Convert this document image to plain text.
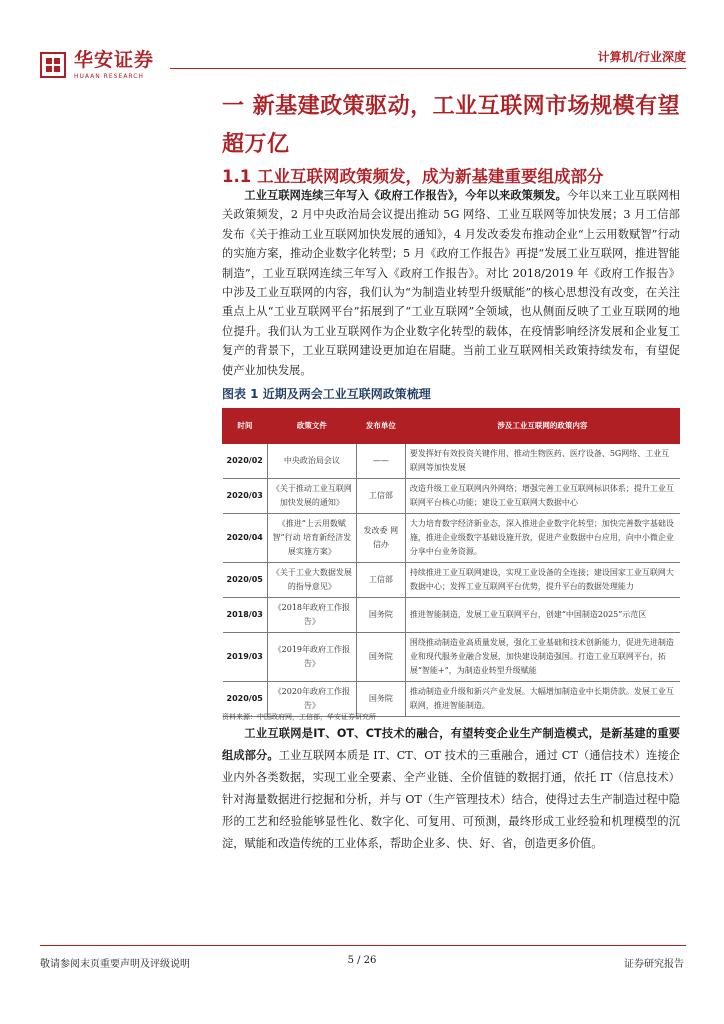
华安证券
HUAAN RESEARCH
计算机/行业深度
一 新基建政策驱动，工业互联网市场规模有望超万亿
1.1 工业互联网政策频发，成为新基建重要组成部分

工业互联网连续三年写入《政府工作报告》，今年以来政策频发。今年以来工业互联网相关政策频发，2 月中央政治局会议提出推动 5G 网络、工业互联网等加快发展；3 月工信部发布《关于推动工业互联网加快发展的通知》，4 月发改委发布推动企业“上云用数赋智”行动的实施方案，推动企业数字化转型；5 月《政府工作报告》再提“发展工业互联网，推进智能制造”，工业互联网连续三年写入《政府工作报告》。对比 2018/2019 年《政府工作报告》中涉及工业互联网的内容，我们认为“为制造业转型升级赋能”的核心思想没有改变，在关注重点上从“工业互联网平台”拓展到了“工业互联网”全领域，也从侧面反映了工业互联网的地位提升。我们认为工业互联网作为企业数字化转型的载体，在疫情影响经济发展和企业复工复产的背景下，工业互联网建设更加迫在眉睫。当前工业互联网相关政策持续发布，有望促使产业加快发展。

图表 1 近期及两会工业互联网政策梳理
时间	政策文件	发布单位	涉及工业互联网的政策内容
2020/02	中央政治局会议	——	要发挥好有效投资关键作用，推动生物医药、医疗设备、5G网络、工业互联网等加快发展
2020/03	《关于推动工业互联网加快发展的通知》	工信部	改造升级工业互联网内外网络；增强完善工业互联网标识体系；提升工业互联网平台核心功能；建设工业互联网大数据中心
2020/04	《推进“上云用数赋智”行动 培育新经济发展实施方案》	发改委 网信办	大力培育数字经济新业态，深入推进企业数字化转型；加快完善数字基础设施，推进企业级数字基础设施开放，促进产业数据中台应用，向中小微企业分享中台业务资源。
2020/05	《关于工业大数据发展的指导意见》	工信部	持续推进工业互联网建设，实现工业设备的全连接；建设国家工业互联网大数据中心；发挥工业互联网平台优势，提升平台的数据处理能力
2018/03	《2018年政府工作报告》	国务院	推进智能制造，发展工业互联网平台，创建“中国制造2025”示范区
2019/03	《2019年政府工作报告》	国务院	围绕推动制造业高质量发展，强化工业基础和技术创新能力，促进先进制造业和现代服务业融合发展，加快建设制造强国。打造工业互联网平台，拓展“智能+”，为制造业转型升级赋能
2020/05	《2020年政府工作报告》	国务院	推动制造业升级和新兴产业发展。大幅增加制造业中长期贷款。发展工业互联网，推进智能制造。
资料来源：中国政府网，工信部，华安证券研究所

工业互联网是IT、OT、CT技术的融合，有望转变企业生产制造模式，是新基建的重要组成部分。工业互联网本质是 IT、CT、OT 技术的三重融合，通过 CT（通信技术）连接企业内外各类数据，实现工业全要素、全产业链、全价值链的数据打通，依托 IT（信息技术）针对海量数据进行挖掘和分析，并与 OT（生产管理技术）结合，使得过去生产制造过程中隐形的工艺和经验能够显性化、数字化、可复用、可预测，最终形成工业经验和机理模型的沉淀，赋能和改造传统的工业体系，帮助企业多、快、好、省，创造更多价值。

敬请参阅末页重要声明及评级说明	5 / 26	证券研究报告
